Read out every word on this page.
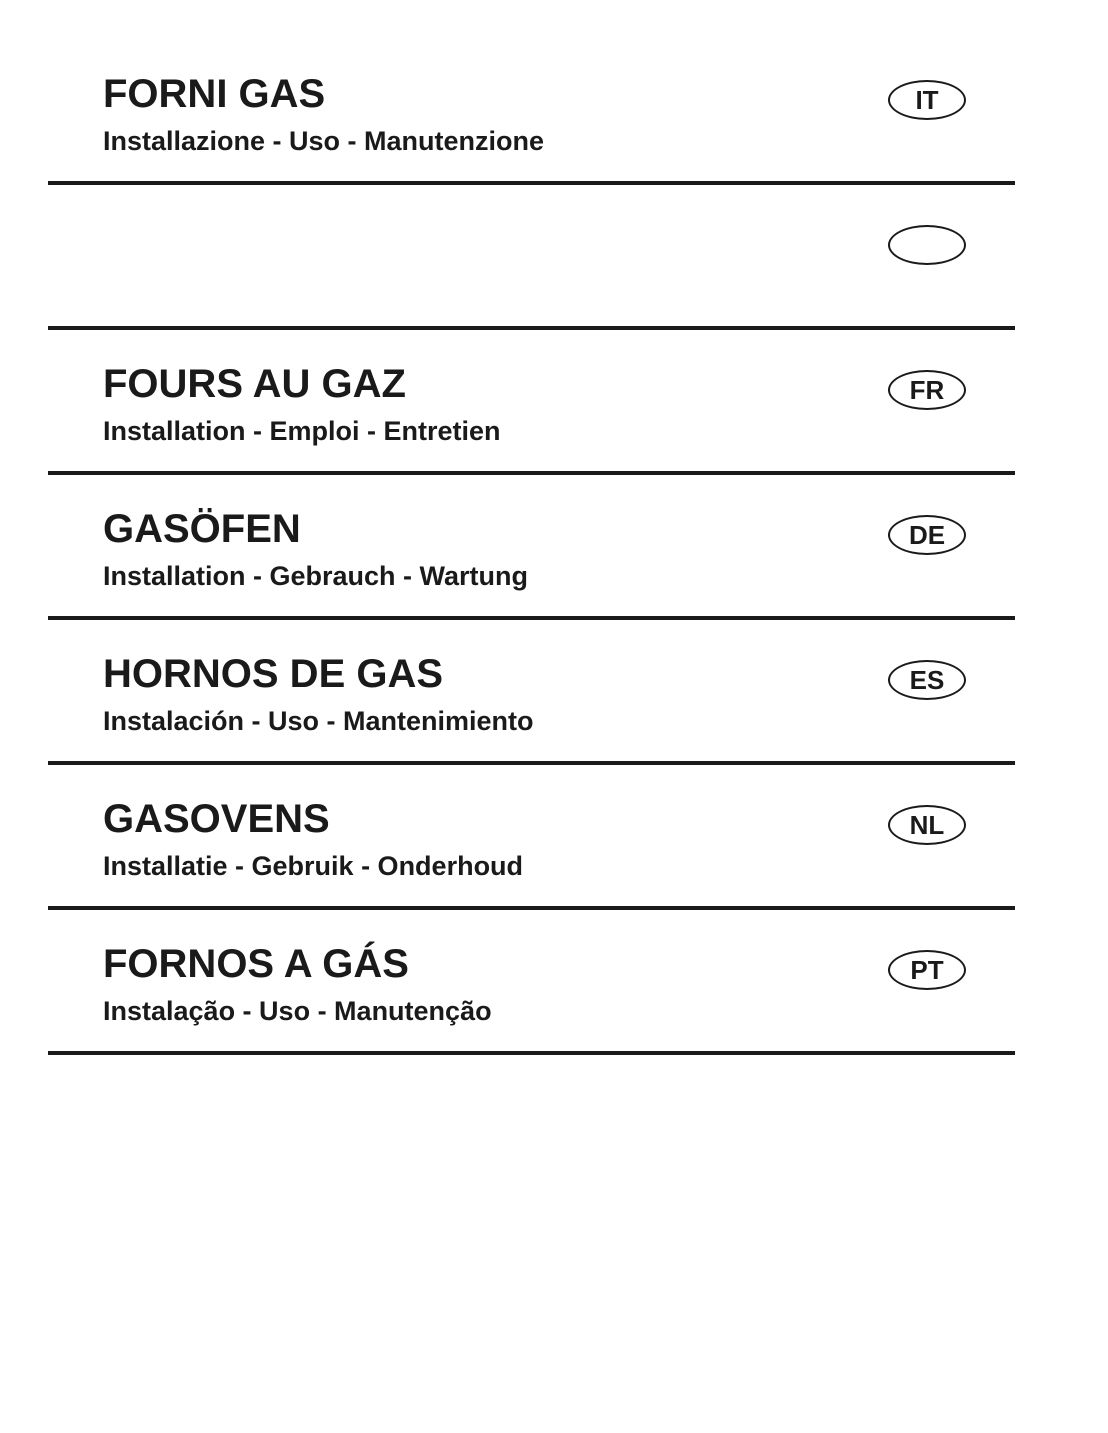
FORNI GAS

Installazione - Uso - Manutenzione

IT

FOURS AU GAZ

Installation - Emploi - Entretien

FR
GASÖFEN

Installation - Gebrauch - Wartung

DE
HORNOS DE GAS

Instalación - Uso - Mantenimiento

ES
GASOVENS

Installatie - Gebruik - Onderhoud

NL
FORNOS A GÁS

Instalação - Uso - Manutenção

PT
